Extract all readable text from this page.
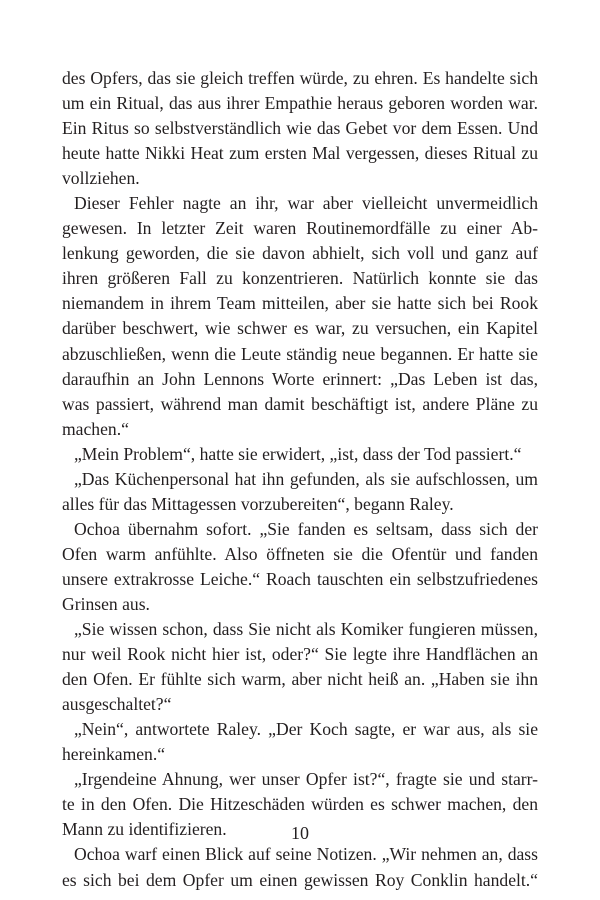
des Opfers, das sie gleich treffen würde, zu ehren. Es handelte sich
um ein Ritual, das aus ihrer Empathie heraus geboren worden war.
Ein Ritus so selbstverständlich wie das Gebet vor dem Essen. Und
heute hatte Nikki Heat zum ersten Mal vergessen, dieses Ritual zu
vollziehen.
Dieser Fehler nagte an ihr, war aber vielleicht unvermeidlich
gewesen. In letzter Zeit waren Routinemordfälle zu einer Ab-
lenkung geworden, die sie davon abhielt, sich voll und ganz auf
ihren größeren Fall zu konzentrieren. Natürlich konnte sie das
niemandem in ihrem Team mitteilen, aber sie hatte sich bei Rook
darüber beschwert, wie schwer es war, zu versuchen, ein Kapitel
abzuschließen, wenn die Leute ständig neue begannen. Er hatte sie
daraufhin an John Lennons Worte erinnert: „Das Leben ist das,
was passiert, während man damit beschäftigt ist, andere Pläne zu
machen.“
„Mein Problem“, hatte sie erwidert, „ist, dass der Tod passiert.“
„Das Küchenpersonal hat ihn gefunden, als sie aufschlossen, um
alles für das Mittagessen vorzubereiten“, begann Raley.
Ochoa übernahm sofort. „Sie fanden es seltsam, dass sich der
Ofen warm anfühlte. Also öffneten sie die Ofentür und fanden
unsere extrakrosse Leiche.“ Roach tauschten ein selbstzufriedenes
Grinsen aus.
„Sie wissen schon, dass Sie nicht als Komiker fungieren müssen,
nur weil Rook nicht hier ist, oder?“ Sie legte ihre Handflächen an
den Ofen. Er fühlte sich warm, aber nicht heiß an. „Haben sie ihn
ausgeschaltet?“
„Nein“, antwortete Raley. „Der Koch sagte, er war aus, als sie
hereinkamen.“
„Irgendeine Ahnung, wer unser Opfer ist?“, fragte sie und starr-
te in den Ofen. Die Hitzeschäden würden es schwer machen, den
Mann zu identifizieren.
Ochoa warf einen Blick auf seine Notizen. „Wir nehmen an, dass
es sich bei dem Opfer um einen gewissen Roy Conklin handelt.“
10
